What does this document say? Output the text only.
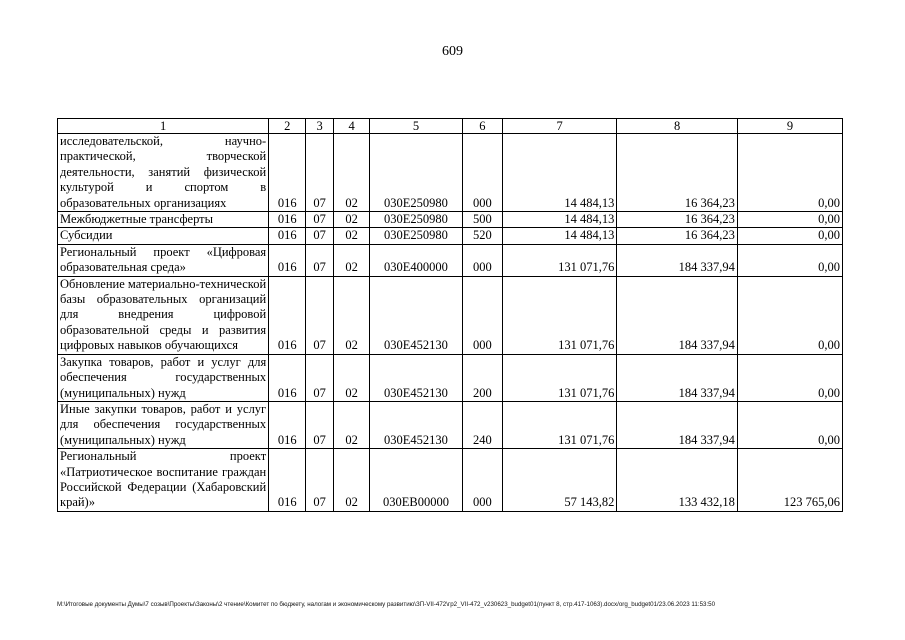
609
1	2	3	4	5	6	7	8	9
исследовательской, научно-практической, творческой деятельности, занятий физической культурой и спортом в образовательных организациях	016	07	02	030E250980	000	14 484,13	16 364,23	0,00
Межбюджетные трансферты	016	07	02	030E250980	500	14 484,13	16 364,23	0,00
Субсидии	016	07	02	030E250980	520	14 484,13	16 364,23	0,00
Региональный проект «Цифровая образовательная среда»	016	07	02	030E400000	000	131 071,76	184 337,94	0,00
Обновление материально-технической базы образовательных организаций для внедрения цифровой образовательной среды и развития цифровых навыков обучающихся	016	07	02	030E452130	000	131 071,76	184 337,94	0,00
Закупка товаров, работ и услуг для обеспечения государственных (муниципальных) нужд	016	07	02	030E452130	200	131 071,76	184 337,94	0,00
Иные закупки товаров, работ и услуг для обеспечения государственных (муниципальных) нужд	016	07	02	030E452130	240	131 071,76	184 337,94	0,00
Региональный проект «Патриотическое воспитание граждан Российской Федерации (Хабаровский край)»	016	07	02	030EB00000	000	57 143,82	133 432,18	123 765,06
M:\Итоговые документы Думы\7 созыв\Проекты\Законы\2 чтение\Комитет по бюджету, налогам и экономическому развитию\ЗП-VII-472\гр2_VII-472_v230623_budget01(пункт 8, стр.417-1063).docx/org_budget01/23.06.2023 11:53:50
